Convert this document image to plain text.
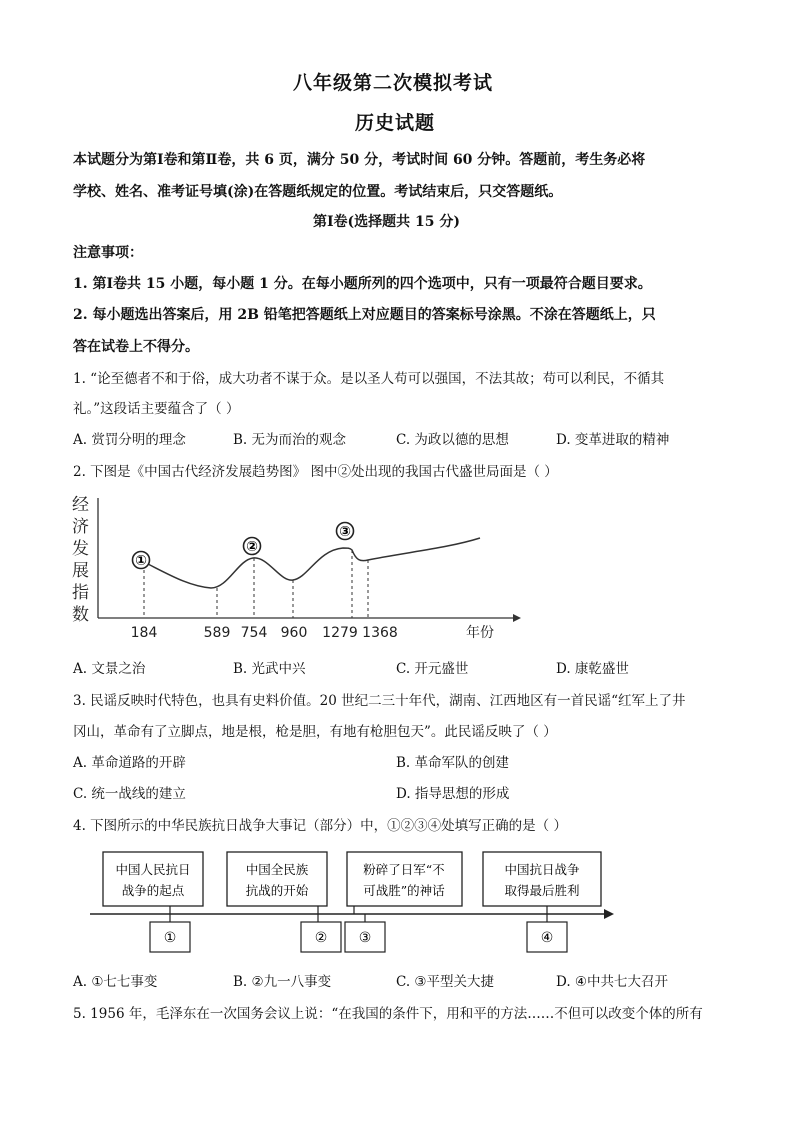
八年级第二次模拟考试
历史试题
本试题分为第Ⅰ卷和第Ⅱ卷，共 6 页，满分 50 分，考试时间 60 分钟。答题前，考生务必将
学校、姓名、准考证号填(涂)在答题纸规定的位置。考试结束后，只交答题纸。
第Ⅰ卷(选择题共 15 分)
注意事项：
1. 第Ⅰ卷共 15 小题，每小题 1 分。在每小题所列的四个选项中，只有一项最符合题目要求。
2. 每小题选出答案后，用 2B 铅笔把答题纸上对应题目的答案标号涂黑。不涂在答题纸上，只
答在试卷上不得分。
1. “论至德者不和于俗，成大功者不谋于众。是以圣人苟可以强国，不法其故；苟可以利民，不循其
礼。”这段话主要蕴含了（ ）
A. 赏罚分明的理念	B. 无为而治的观念	C. 为政以德的思想	D. 变革进取的精神
2. 下图是《中国古代经济发展趋势图》 图中②处出现的我国古代盛世局面是（ ）
经
济
发
展
指
数
①
②
③
184	589 754 960 1279 1368	年份
A. 文景之治	B. 光武中兴	C. 开元盛世	D. 康乾盛世
3. 民谣反映时代特色，也具有史料价值。20 世纪二三十年代，湖南、江西地区有一首民谣“红军上了井
冈山，革命有了立脚点，地是根，枪是胆，有地有枪胆包天”。此民谣反映了（ ）
A. 革命道路的开辟	B. 革命军队的创建
C. 统一战线的建立	D. 指导思想的形成
4. 下图所示的中华民族抗日战争大事记（部分）中，①②③④处填写正确的是（ ）
中国人民抗日
战争的起点
中国全民族
抗战的开始
粉碎了日军“不
可战胜”的神话
中国抗日战争
取得最后胜利
①	② ③	④
A. ①七七事变	B. ②九一八事变	C. ③平型关大捷	D. ④中共七大召开
5. 1956 年，毛泽东在一次国务会议上说：“在我国的条件下，用和平的方法……不但可以改变个体的所有
